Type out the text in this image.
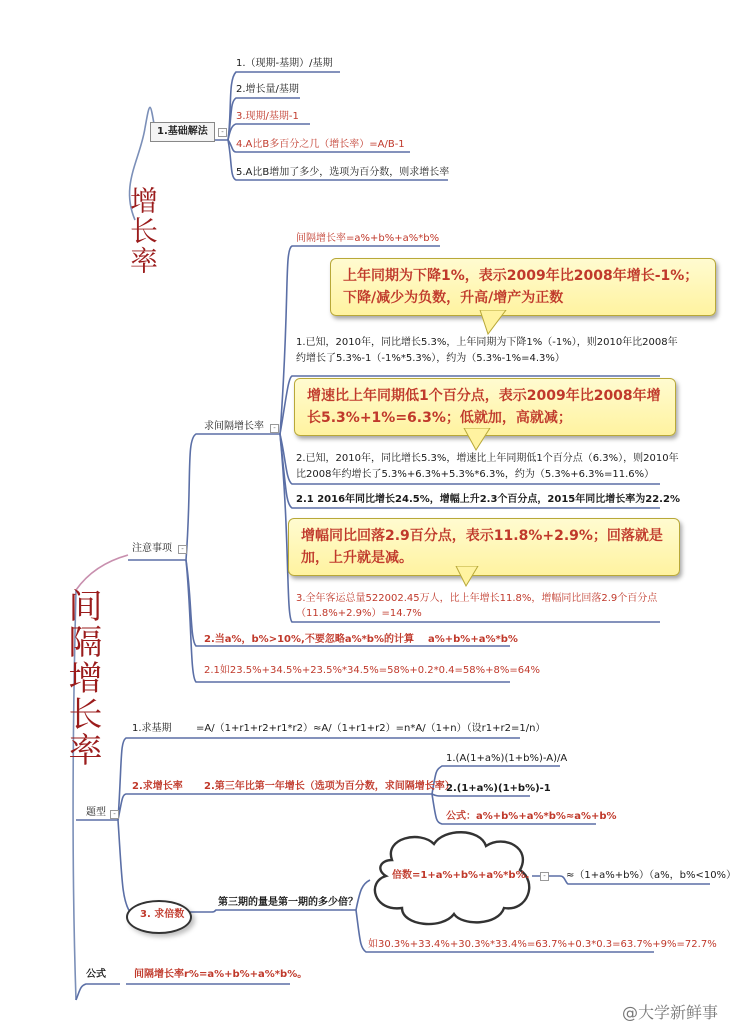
增长率
间隔增长率
1.基础解法	-
1.（现期-基期）/基期
2.增长量/基期
3.现期/基期-1
4.A比B多百分之几（增长率）=A/B-1
5.A比B增加了多少，选项为百分数，则求增长率
注意事项	-
求间隔增长率	-
间隔增长率=a%+b%+a%*b%
上年同期为下降1%，表示2009年比2008年增长-1%；下降/减少为负数，升高/增产为正数
1.已知，2010年，同比增长5.3%，上年同期为下降1%（-1%），则2010年比2008年
约增长了5.3%-1（-1%*5.3%），约为（5.3%-1%=4.3%）
增速比上年同期低1个百分点，表示2009年比2008年增长5.3%+1%=6.3%；低就加，高就减；
2.已知，2010年，同比增长5.3%，增速比上年同期低1个百分点（6.3%），则2010年
比2008年约增长了5.3%+6.3%+5.3%*6.3%，约为（5.3%+6.3%=11.6%）
2.1 2016年同比增长24.5%，增幅上升2.3个百分点，2015年同比增长率为22.2%
增幅同比回落2.9百分点，表示11.8%+2.9%；回落就是加，上升就是减。
3.全年客运总量522002.45万人，比上年增长11.8%，增幅同比回落2.9个百分点
（11.8%+2.9%）=14.7%
2.当a%，b%>10%,不要忽略a%*b%的计算 a%+b%+a%*b%
2.1如23.5%+34.5%+23.5%*34.5%=58%+0.2*0.4=58%+8%=64%
题型	-
1.求基期 =A/（1+r1+r2+r1*r2）≈A/（1+r1+r2）=n*A/（1+n）（设r1+r2=1/n）
2.求增长率 2.第三年比第一年增长（选项为百分数，求间隔增长率）
1.(A(1+a%)(1+b%)-A)/A
2.(1+a%)(1+b%)-1
公式：a%+b%+a%*b%≈a%+b%
3. 求倍数
第三期的量是第一期的多少倍？
倍数=1+a%+b%+a%*b%.	-	≈（1+a%+b%）（a%，b%<10%）
如30.3%+33.4%+30.3%*33.4%=63.7%+0.3*0.3=63.7%+9%=72.7%
公式	间隔增长率r%=a%+b%+a%*b%。
@大学新鲜事
